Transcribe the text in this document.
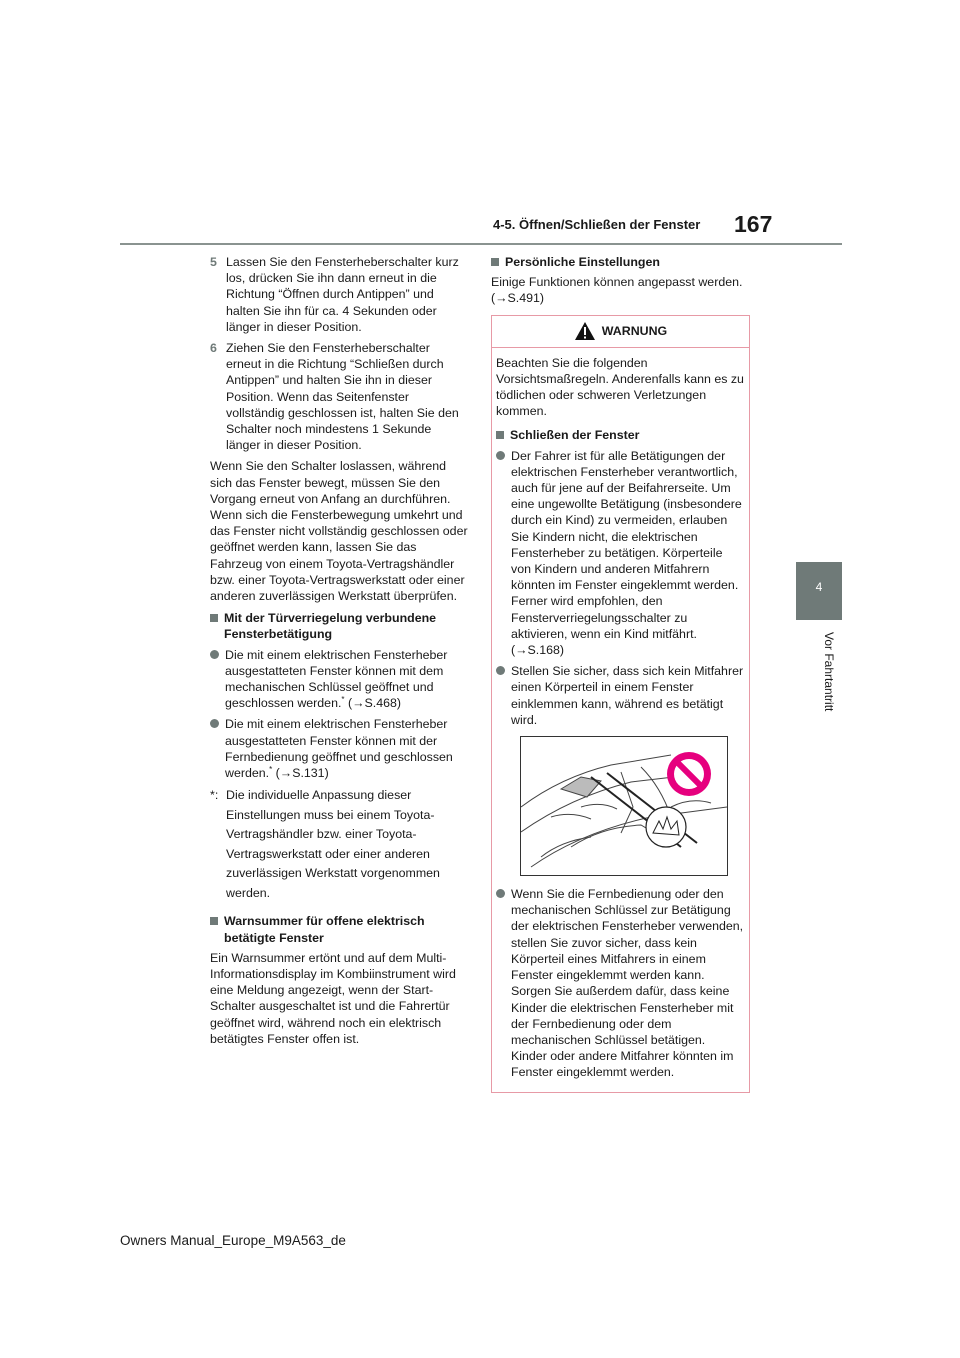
4-5. Öffnen/Schließen der Fenster 167
4
Vor Fahrtantritt
5 Lassen Sie den Fensterheberschalter kurz los, drücken Sie ihn dann erneut in die Richtung “Öffnen durch Antippen” und halten Sie ihn für ca. 4 Sekunden oder länger in dieser Position.
6 Ziehen Sie den Fensterheberschalter erneut in die Richtung “Schließen durch Antippen” und halten Sie ihn in dieser Position. Wenn das Seitenfenster vollständig geschlossen ist, halten Sie den Schalter noch mindestens 1 Sekunde länger in dieser Position.
Wenn Sie den Schalter loslassen, während sich das Fenster bewegt, müssen Sie den Vorgang erneut von Anfang an durchführen. Wenn sich die Fensterbewegung umkehrt und das Fenster nicht vollständig geschlossen oder geöffnet werden kann, lassen Sie das Fahrzeug von einem Toyota-Vertragshändler bzw. einer Toyota-Vertragswerkstatt oder einer anderen zuverlässigen Werkstatt überprüfen.
Mit der Türverriegelung verbundene Fensterbetätigung
Die mit einem elektrischen Fensterheber ausgestatteten Fenster können mit dem mechanischen Schlüssel geöffnet und geschlossen werden.* (→S.468)
Die mit einem elektrischen Fensterheber ausgestatteten Fenster können mit der Fernbedienung geöffnet und geschlossen werden.* (→S.131)
*: Die individuelle Anpassung dieser Einstellungen muss bei einem Toyota-Vertragshändler bzw. einer Toyota-Vertragswerkstatt oder einer anderen zuverlässigen Werkstatt vorgenommen werden.
Warnsummer für offene elektrisch betätigte Fenster
Ein Warnsummer ertönt und auf dem Multi-Informationsdisplay im Kombiinstrument wird eine Meldung angezeigt, wenn der Start-Schalter ausgeschaltet ist und die Fahrertür geöffnet wird, während noch ein elektrisch betätigtes Fenster offen ist.
Persönliche Einstellungen
Einige Funktionen können angepasst werden. (→S.491)
WARNUNG
Beachten Sie die folgenden Vorsichtsmaßregeln. Anderenfalls kann es zu tödlichen oder schweren Verletzungen kommen.
Schließen der Fenster
Der Fahrer ist für alle Betätigungen der elektrischen Fensterheber verantwortlich, auch für jene auf der Beifahrerseite. Um eine ungewollte Betätigung (insbesondere durch ein Kind) zu vermeiden, erlauben Sie Kindern nicht, die elektrischen Fensterheber zu betätigen. Körperteile von Kindern und anderen Mitfahrern könnten im Fenster eingeklemmt werden. Ferner wird empfohlen, den Fensterverriegelungsschalter zu aktivieren, wenn ein Kind mitfährt. (→S.168)
Stellen Sie sicher, dass sich kein Mitfahrer einen Körperteil in einem Fenster einklemmen kann, während es betätigt wird.
Wenn Sie die Fernbedienung oder den mechanischen Schlüssel zur Betätigung der elektrischen Fensterheber verwenden, stellen Sie zuvor sicher, dass kein Körperteil eines Mitfahrers in einem Fenster eingeklemmt werden kann. Sorgen Sie außerdem dafür, dass keine Kinder die elektrischen Fensterheber mit der Fernbedienung oder dem mechanischen Schlüssel betätigen. Kinder oder andere Mitfahrer könnten im Fenster eingeklemmt werden.
Owners Manual_Europe_M9A563_de
